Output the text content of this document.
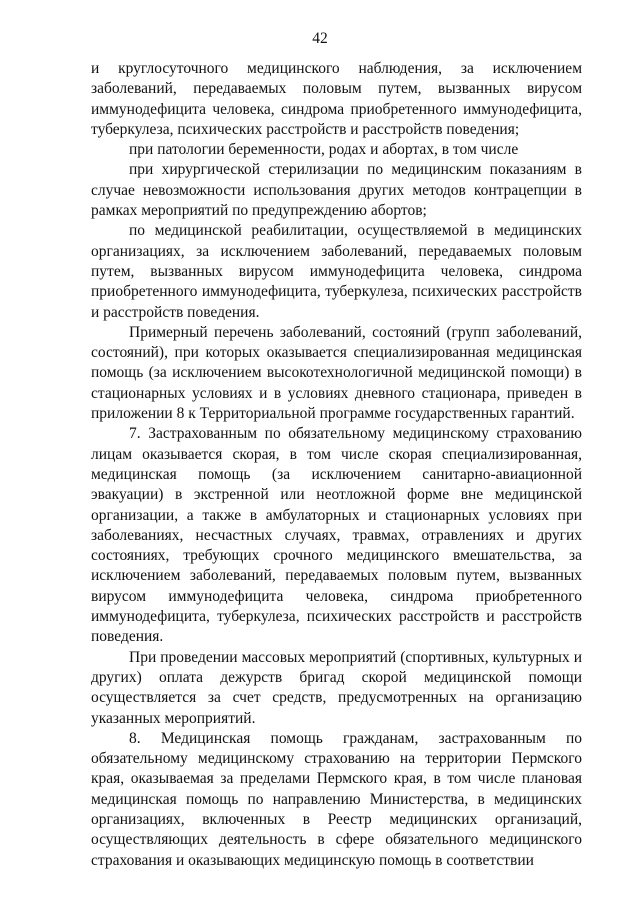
42

и круглосуточного медицинского наблюдения, за исключением заболеваний, передаваемых половым путем, вызванных вирусом иммунодефицита человека, синдрома приобретенного иммунодефицита, туберкулеза, психических расстройств и расстройств поведения;

при патологии беременности, родах и абортах, в том числе

при хирургической стерилизации по медицинским показаниям в случае невозможности использования других методов контрацепции в рамках мероприятий по предупреждению абортов;

по медицинской реабилитации, осуществляемой в медицинских организациях, за исключением заболеваний, передаваемых половым путем, вызванных вирусом иммунодефицита человека, синдрома приобретенного иммунодефицита, туберкулеза, психических расстройств и расстройств поведения.

Примерный перечень заболеваний, состояний (групп заболеваний, состояний), при которых оказывается специализированная медицинская помощь (за исключением высокотехнологичной медицинской помощи) в стационарных условиях и в условиях дневного стационара, приведен в приложении 8 к Территориальной программе государственных гарантий.

7. Застрахованным по обязательному медицинскому страхованию лицам оказывается скорая, в том числе скорая специализированная, медицинская помощь (за исключением санитарно-авиационной эвакуации) в экстренной или неотложной форме вне медицинской организации, а также в амбулаторных и стационарных условиях при заболеваниях, несчастных случаях, травмах, отравлениях и других состояниях, требующих срочного медицинского вмешательства, за исключением заболеваний, передаваемых половым путем, вызванных вирусом иммунодефицита человека, синдрома приобретенного иммунодефицита, туберкулеза, психических расстройств и расстройств поведения.

При проведении массовых мероприятий (спортивных, культурных и других) оплата дежурств бригад скорой медицинской помощи осуществляется за счет средств, предусмотренных на организацию указанных мероприятий.

8. Медицинская помощь гражданам, застрахованным по обязательному медицинскому страхованию на территории Пермского края, оказываемая за пределами Пермского края, в том числе плановая медицинская помощь по направлению Министерства, в медицинских организациях, включенных в Реестр медицинских организаций, осуществляющих деятельность в сфере обязательного медицинского страхования и оказывающих медицинскую помощь в соответствии
